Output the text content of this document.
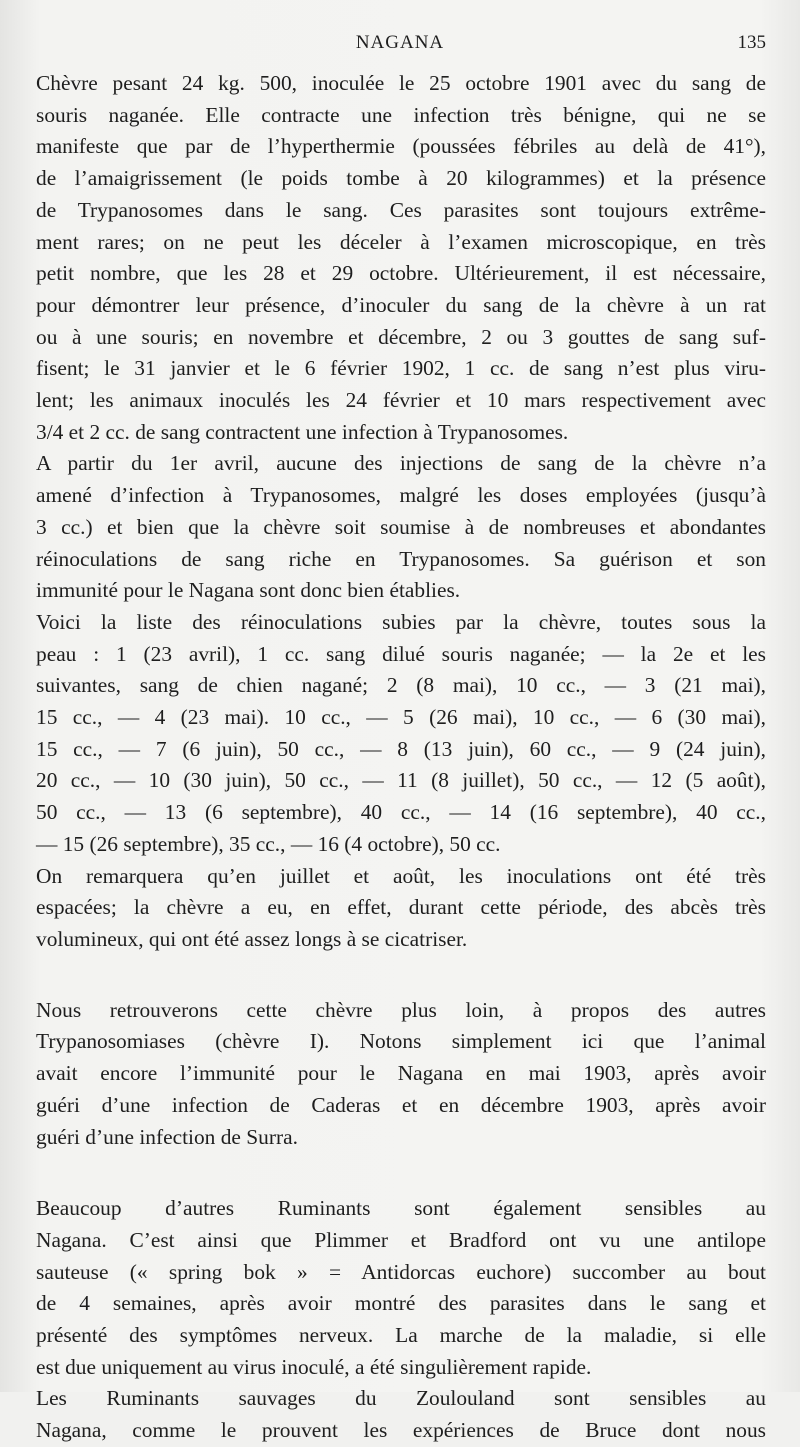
NAGANA	135

Chèvre pesant 24 kg. 500, inoculée le 25 octobre 1901 avec du sang de
souris naganée. Elle contracte une infection très bénigne, qui ne se
manifeste que par de l’hyperthermie (poussées fébriles au delà de 41°),
de l’amaigrissement (le poids tombe à 20 kilogrammes) et la présence
de Trypanosomes dans le sang. Ces parasites sont toujours extrême-
ment rares; on ne peut les déceler à l’examen microscopique, en très
petit nombre, que les 28 et 29 octobre. Ultérieurement, il est nécessaire,
pour démontrer leur présence, d’inoculer du sang de la chèvre à un rat
ou à une souris; en novembre et décembre, 2 ou 3 gouttes de sang suf-
fisent; le 31 janvier et le 6 février 1902, 1 cc. de sang n’est plus viru-
lent; les animaux inoculés les 24 février et 10 mars respectivement avec
3/4 et 2 cc. de sang contractent une infection à Trypanosomes.

A partir du 1er avril, aucune des injections de sang de la chèvre n’a
amené d’infection à Trypanosomes, malgré les doses employées (jusqu’à
3 cc.) et bien que la chèvre soit soumise à de nombreuses et abondantes
réinoculations de sang riche en Trypanosomes. Sa guérison et son
immunité pour le Nagana sont donc bien établies.

Voici la liste des réinoculations subies par la chèvre, toutes sous la
peau : 1 (23 avril), 1 cc. sang dilué souris naganée; — la 2e et les
suivantes, sang de chien nagané; 2 (8 mai), 10 cc., — 3 (21 mai),
15 cc., — 4 (23 mai). 10 cc., — 5 (26 mai), 10 cc., — 6 (30 mai),
15 cc., — 7 (6 juin), 50 cc., — 8 (13 juin), 60 cc., — 9 (24 juin),
20 cc., — 10 (30 juin), 50 cc., — 11 (8 juillet), 50 cc., — 12 (5 août),
50 cc., — 13 (6 septembre), 40 cc., — 14 (16 septembre), 40 cc.,
— 15 (26 septembre), 35 cc., — 16 (4 octobre), 50 cc.

On remarquera qu’en juillet et août, les inoculations ont été très
espacées; la chèvre a eu, en effet, durant cette période, des abcès très
volumineux, qui ont été assez longs à se cicatriser.

Nous retrouverons cette chèvre plus loin, à propos des autres
Trypanosomiases (chèvre I). Notons simplement ici que l’animal
avait encore l’immunité pour le Nagana en mai 1903, après avoir
guéri d’une infection de Caderas et en décembre 1903, après avoir
guéri d’une infection de Surra.

Beaucoup d’autres Ruminants sont également sensibles au
Nagana. C’est ainsi que Plimmer et Bradford ont vu une antilope
sauteuse (« spring bok » = Antidorcas euchore) succomber au bout
de 4 semaines, après avoir montré des parasites dans le sang et
présenté des symptômes nerveux. La marche de la maladie, si elle
est due uniquement au virus inoculé, a été singulièrement rapide.

Les Ruminants sauvages du Zoulouland sont sensibles au
Nagana, comme le prouvent les expériences de Bruce dont nous
